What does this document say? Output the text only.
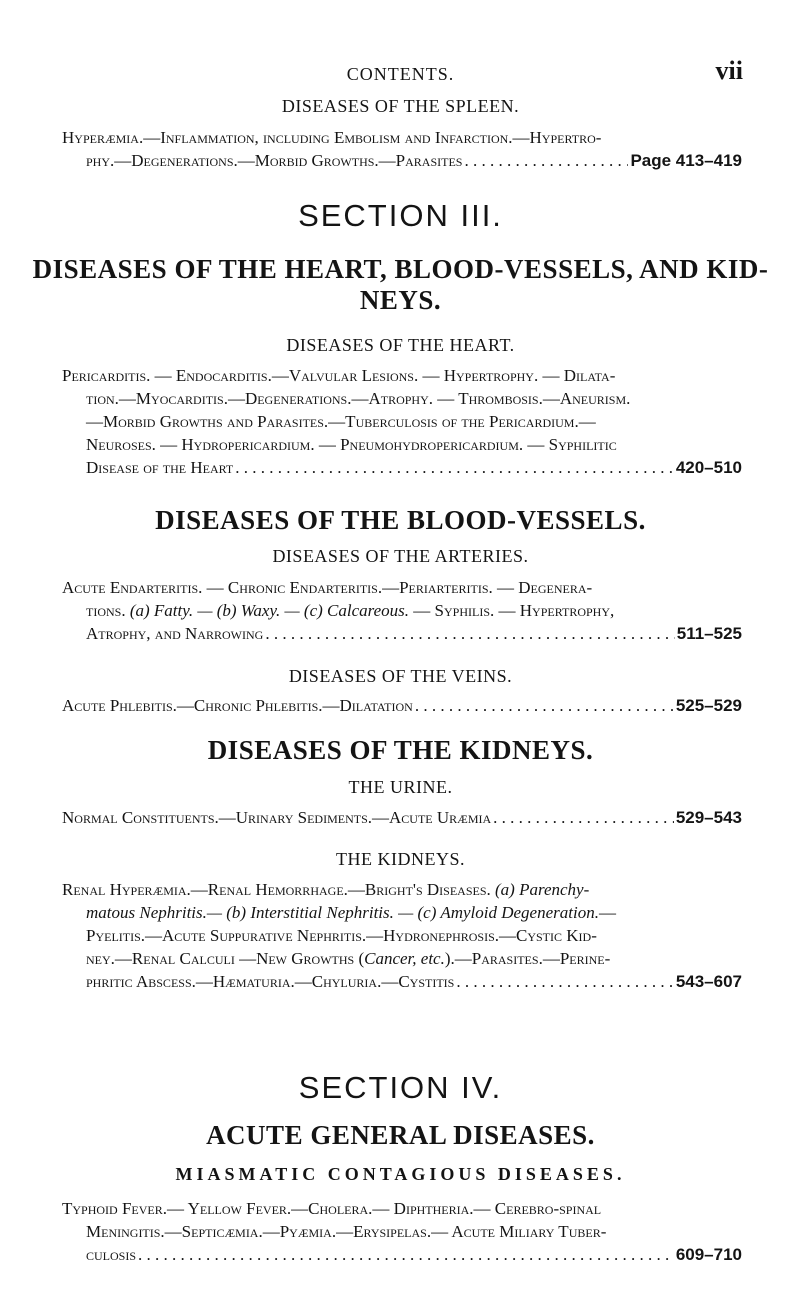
CONTENTS.	vii
DISEASES OF THE SPLEEN.
Hyperæmia.—Inflammation, including Embolism and Infarction.—Hypertro-
phy.—Degenerations.—Morbid Growths.—Parasites . . .	Page 413–419
SECTION III.
DISEASES OF THE HEART, BLOOD-VESSELS, AND KID-
NEYS.
DISEASES OF THE HEART.
Pericarditis. — Endocarditis.—Valvular Lesions. — Hypertrophy. — Dilata-
tion.—Myocarditis.—Degenerations.—Atrophy. — Thrombosis.—Aneurism.
—Morbid Growths and Parasites.—Tuberculosis of the Pericardium.—
Neuroses. — Hydropericardium. — Pneumohydropericardium. — Syphilitic
Disease of the Heart . . .	420–510
DISEASES OF THE BLOOD-VESSELS.
DISEASES OF THE ARTERIES.
Acute Endarteritis. — Chronic Endarteritis.—Periarteritis. — Degenera-
tions. (a) Fatty. — (b) Waxy. — (c) Calcareous. — Syphilis. — Hypertrophy,
Atrophy, and Narrowing . . .	511–525
DISEASES OF THE VEINS.
Acute Phlebitis.—Chronic Phlebitis.—Dilatation . . .	525–529
DISEASES OF THE KIDNEYS.
THE URINE.
Normal Constituents.—Urinary Sediments.—Acute Uræmia . . .	529–543
THE KIDNEYS.
Renal Hyperæmia.—Renal Hemorrhage.—Bright's Diseases. (a) Parenchy-
matous Nephritis.— (b) Interstitial Nephritis. — (c) Amyloid Degeneration.—
Pyelitis.—Acute Suppurative Nephritis.—Hydronephrosis.—Cystic Kid-
ney.—Renal Calculi —New Growths (Cancer, etc.).—Parasites.—Perine-
phritic Abscess.—Hæmaturia.—Chyluria.—Cystitis . . .	543–607
SECTION IV.
ACUTE GENERAL DISEASES.
MIASMATIC CONTAGIOUS DISEASES.
Typhoid Fever.— Yellow Fever.—Cholera.— Diphtheria.— Cerebro-spinal
Meningitis.—Septicæmia.—Pyæmia.—Erysipelas.— Acute Miliary Tuber-
culosis . . .	609–710
